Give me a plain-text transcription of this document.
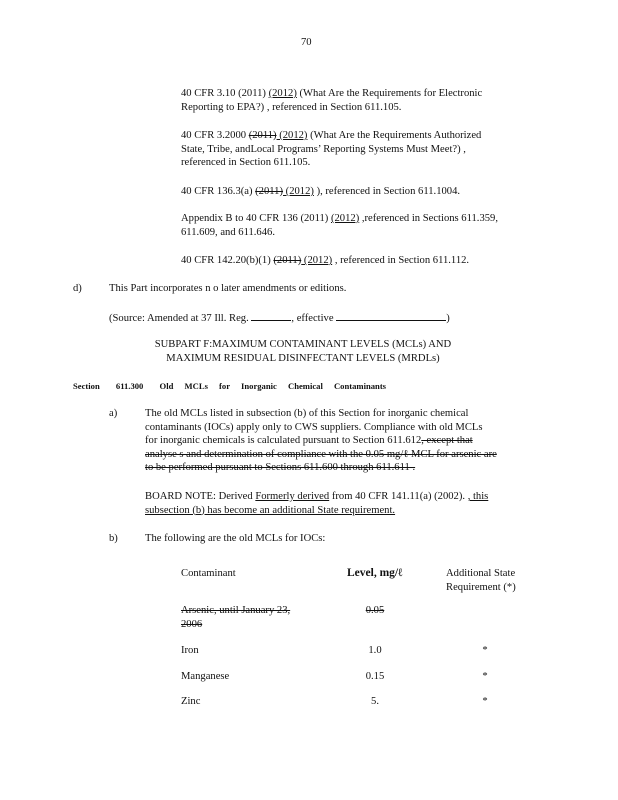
70
40 CFR 3.10 (2011) (2012) (What Are the Requirements for Electronic
Reporting to EPA?) , referenced in Section 611.105.
40 CFR 3.2000 (2011) (2012) (What Are the Requirements Authorized
State, Tribe, andLocal Programs’ Reporting Systems Must Meet?) ,
referenced in Section 611.105.
40 CFR 136.3(a) (2011) (2012) ), referenced in Section 611.1004.
Appendix B to 40 CFR 136 (2011) (2012) ,referenced in Sections 611.359,
611.609, and 611.646.
40 CFR 142.20(b)(1) (2011) (2012) , referenced in Section 611.112.
d)	This Part incorporates n o later amendments or editions.
(Source: Amended at 37 Ill. Reg.	, effective	)
SUBPART F:MAXIMUM CONTAMINANT LEVELS (MCLs) AND
MAXIMUM RESIDUAL DISINFECTANT LEVELS (MRDLs)
Section 611.300 Old MCLs for Inorganic Chemical Contaminants
a)	The old MCLs listed in subsection (b) of this Section for inorganic chemical
contaminants (IOCs) apply only to CWS suppliers. Compliance with old MCLs
for inorganic chemicals is calculated pursuant to Section 611.612, except that
analyse s and determination of compliance with the 0.05 mg/ℓ MCL for arsenic are
to be performed pursuant to Sections 611.600 through 611.611 .
BOARD NOTE: Derived Formerly derived from 40 CFR 141.11(a) (2002). , this
subsection (b) has become an additional State requirement.
b)	The following are the old MCLs for IOCs:
Contaminant	Level, mg/ℓ	Additional State
Requirement (*)
Arsenic, until January 23,
2006
0.05
Iron	1.0	*
Manganese	0.15	*
Zinc	5.	*
